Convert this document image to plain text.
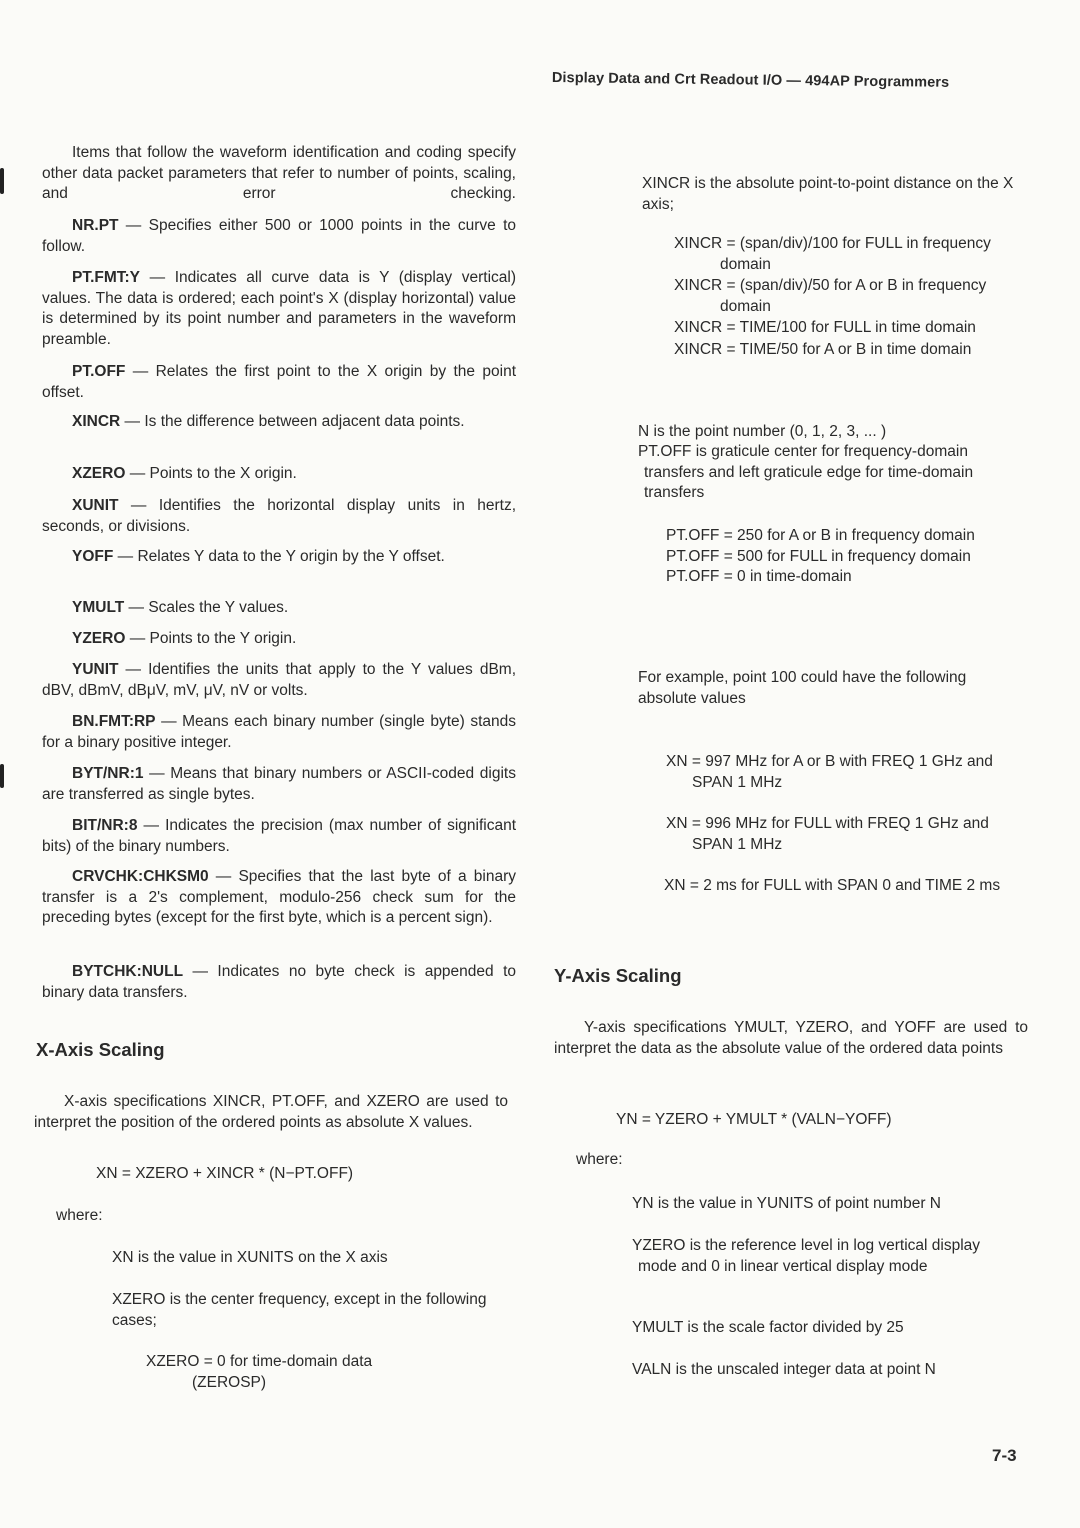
Display Data and Crt Readout I/O — 494AP Programmers

Items that follow the waveform identification and coding specify other data packet parameters that refer to number of points, scaling, and error checking.

NR.PT — Specifies either 500 or 1000 points in the curve to follow.

PT.FMT:Y — Indicates all curve data is Y (display vertical) values. The data is ordered; each point's X (display horizontal) value is determined by its point number and parameters in the waveform preamble.

PT.OFF — Relates the first point to the X origin by the point offset.

XINCR — Is the difference between adjacent data points.

XZERO — Points to the X origin.

XUNIT — Identifies the horizontal display units in hertz, seconds, or divisions.

YOFF — Relates Y data to the Y origin by the Y offset.

YMULT — Scales the Y values.

YZERO — Points to the Y origin.

YUNIT — Identifies the units that apply to the Y values dBm, dBV, dBmV, dBμV, mV, μV, nV or volts.

BN.FMT:RP — Means each binary number (single byte) stands for a binary positive integer.

BYT/NR:1 — Means that binary numbers or ASCII-coded digits are transferred as single bytes.

BIT/NR:8 — Indicates the precision (max number of significant bits) of the binary numbers.

CRVCHK:CHKSM0 — Specifies that the last byte of a binary transfer is a 2's complement, modulo-256 check sum for the preceding bytes (except for the first byte, which is a percent sign).

BYTCHK:NULL — Indicates no byte check is appended to binary data transfers.

X-Axis Scaling

X-axis specifications XINCR, PT.OFF, and XZERO are used to interpret the position of the ordered points as absolute X values.

XN = XZERO + XINCR * (N−PT.OFF)

where:

XN is the value in XUNITS on the X axis

XZERO is the center frequency, except in the following cases;

XZERO = 0 for time-domain data (ZEROSP)

XINCR is the absolute point-to-point distance on the X axis;

XINCR = (span/div)/100 for FULL in frequency domain

XINCR = (span/div)/50 for A or B in frequency domain

XINCR = TIME/100 for FULL in time domain

XINCR = TIME/50 for A or B in time domain

N is the point number (0, 1, 2, 3, ... )

PT.OFF is graticule center for frequency-domain transfers and left graticule edge for time-domain transfers

PT.OFF = 250 for A or B in frequency domain

PT.OFF = 500 for FULL in frequency domain

PT.OFF = 0 in time-domain

For example, point 100 could have the following absolute values

XN = 997 MHz for A or B with FREQ 1 GHz and SPAN 1 MHz

XN = 996 MHz for FULL with FREQ 1 GHz and SPAN 1 MHz

XN = 2 ms for FULL with SPAN 0 and TIME 2 ms

Y-Axis Scaling

Y-axis specifications YMULT, YZERO, and YOFF are used to interpret the data as the absolute value of the ordered data points

YN = YZERO + YMULT * (VALN−YOFF)

where:

YN is the value in YUNITS of point number N

YZERO is the reference level in log vertical display mode and 0 in linear vertical display mode

YMULT is the scale factor divided by 25

VALN is the unscaled integer data at point N

7-3
